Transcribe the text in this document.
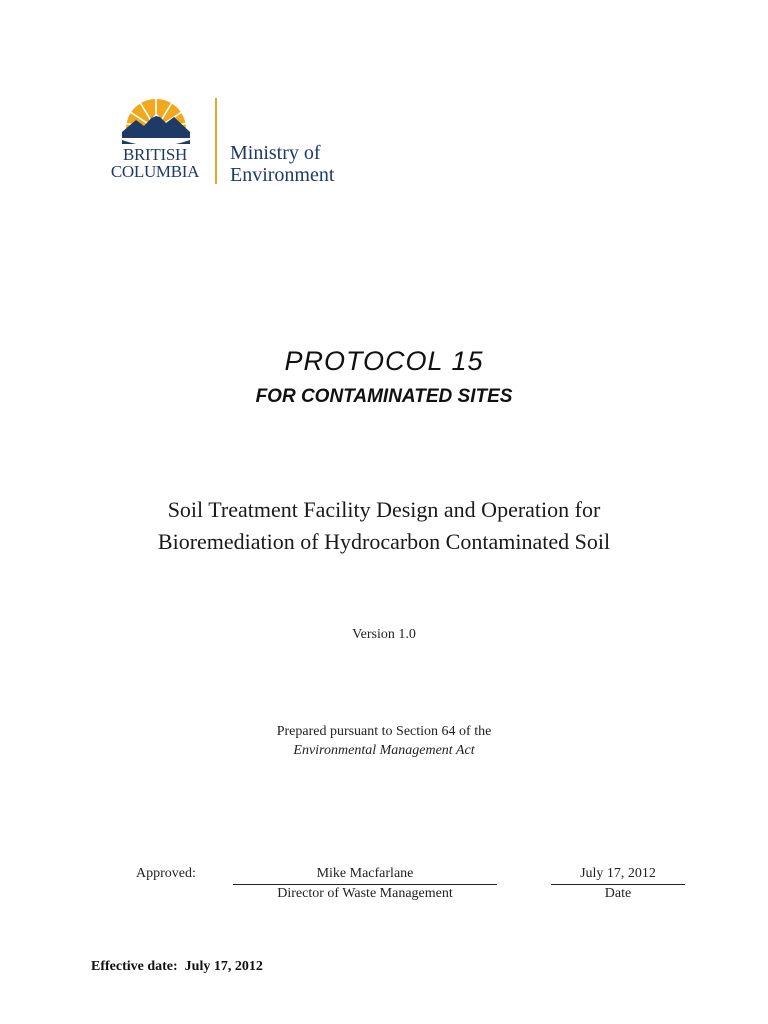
BRITISH
COLUMBIA
Ministry of
Environment
PROTOCOL 15
FOR CONTAMINATED SITES
Soil Treatment Facility Design and Operation for
Bioremediation of Hydrocarbon Contaminated Soil
Version 1.0
Prepared pursuant to Section 64 of the
Environmental Management Act
Approved:	Mike Macfarlane
Director of Waste Management
July 17, 2012
Date
Effective date:  July 17, 2012
